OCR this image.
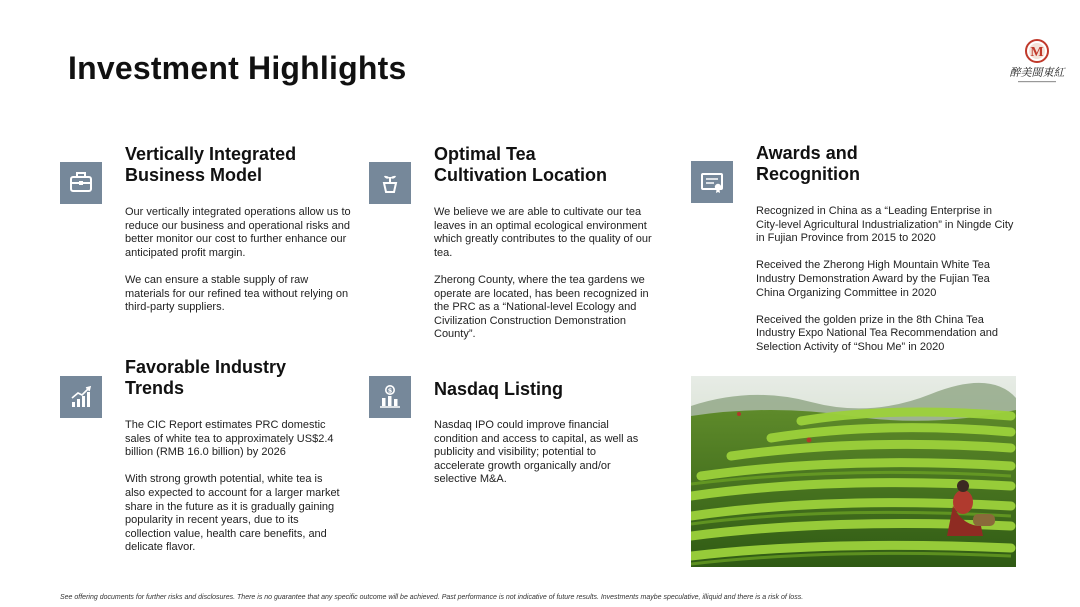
Investment Highlights	M
醉美閩東紅
Vertically Integrated
Business Model

Our vertically integrated operations allow us to reduce our business and operational risks and better monitor our cost to further enhance our anticipated profit margin.

We can ensure a stable supply of raw materials for our refined tea without relying on third-party suppliers.

Optimal Tea
Cultivation Location

We believe we are able to cultivate our tea leaves in an optimal ecological environment which greatly contributes to the quality of our tea.

Zherong County, where the tea gardens we operate are located, has been recognized in the PRC as a “National-level Ecology and Civilization Construction Demonstration County”.

Awards and
Recognition

Recognized in China as a “Leading Enterprise in City-level Agricultural Industrialization” in Ningde City in Fujian Province from 2015 to 2020

Received the Zherong High Mountain White Tea Industry Demonstration Award by the Fujian Tea China Organizing Committee in 2020

Received the golden prize in the 8th China Tea Industry Expo National Tea Recommendation and Selection Activity of “Shou Me” in 2020

Favorable Industry
Trends

The CIC Report estimates PRC domestic sales of white tea to approximately US$2.4 billion (RMB 16.0 billion) by 2026

With strong growth potential, white tea is also expected to account for a larger market share in the future as it is gradually gaining popularity in recent years, due to its collection value, health care benefits, and delicate flavor.

$ Nasdaq Listing

Nasdaq IPO could improve financial condition and access to capital, as well as publicity and visibility; potential to accelerate growth organically and/or selective M&A.

See offering documents for further risks and disclosures. There is no guarantee that any specific outcome will be achieved. Past performance is not indicative of future results. Investments maybe speculative, illiquid and there is a risk of loss.
